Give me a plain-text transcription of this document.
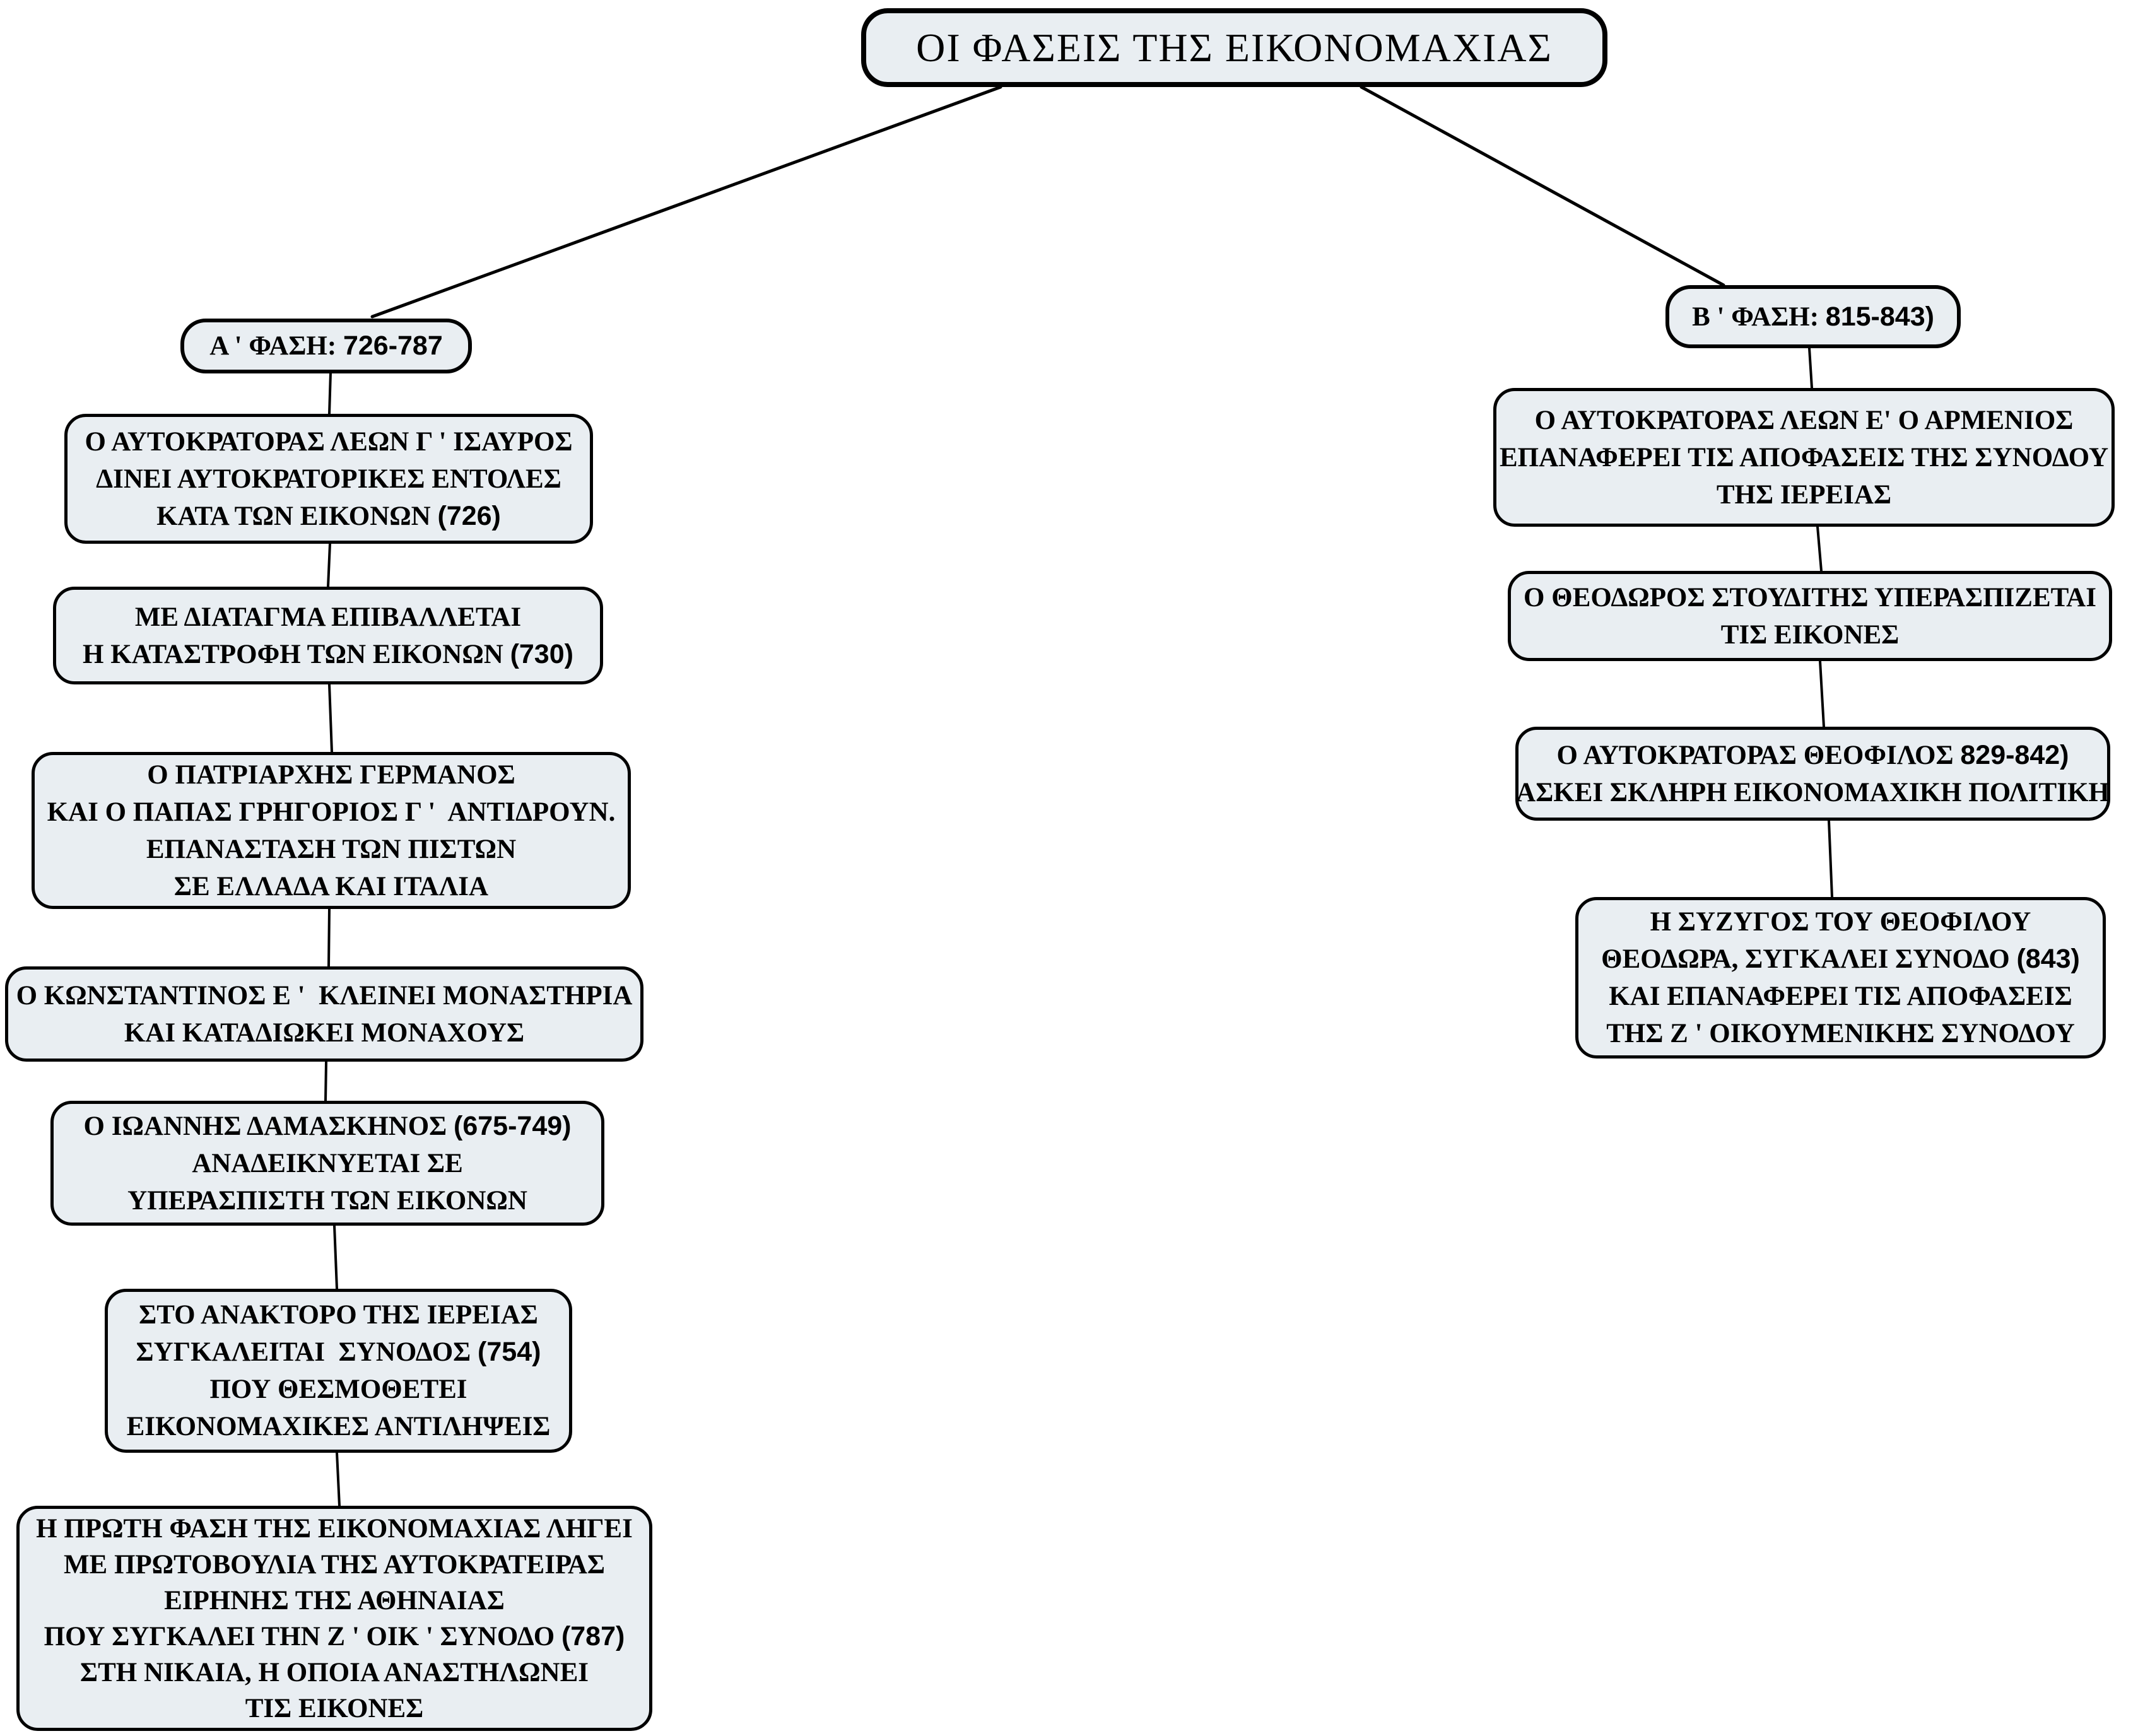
ΟΙ ΦΑΣΕΙΣ ΤΗΣ ΕΙΚΟΝΟΜΑΧΙΑΣ
Α ' ΦΑΣΗ: 726-787
Β ' ΦΑΣΗ: 815-843)
Ο ΑΥΤΟΚΡΑΤΟΡΑΣ ΛΕΩΝ Γ ' ΙΣΑΥΡΟΣ
ΔΙΝΕΙ ΑΥΤΟΚΡΑΤΟΡΙΚΕΣ ΕΝΤΟΛΕΣ
ΚΑΤΑ ΤΩΝ ΕΙΚΟΝΩΝ (726)
ΜΕ ΔΙΑΤΑΓΜΑ ΕΠΙΒΑΛΛΕΤΑΙ
Η ΚΑΤΑΣΤΡΟΦΗ ΤΩΝ ΕΙΚΟΝΩΝ (730)
Ο ΠΑΤΡΙΑΡΧΗΣ ΓΕΡΜΑΝΟΣ
ΚΑΙ Ο ΠΑΠΑΣ ΓΡΗΓΟΡΙΟΣ Γ '  ΑΝΤΙΔΡΟΥΝ.
ΕΠΑΝΑΣΤΑΣΗ ΤΩΝ ΠΙΣΤΩΝ
ΣΕ ΕΛΛΑΔΑ ΚΑΙ ΙΤΑΛΙΑ
Ο ΚΩΝΣΤΑΝΤΙΝΟΣ Ε '  ΚΛΕΙΝΕΙ ΜΟΝΑΣΤΗΡΙΑ
ΚΑΙ ΚΑΤΑΔΙΩΚΕΙ ΜΟΝΑΧΟΥΣ
Ο ΙΩΑΝΝΗΣ ΔΑΜΑΣΚΗΝΟΣ (675-749)
ΑΝΑΔΕΙΚΝΥΕΤΑΙ ΣΕ
ΥΠΕΡΑΣΠΙΣΤΗ ΤΩΝ ΕΙΚΟΝΩΝ
ΣΤΟ ΑΝΑΚΤΟΡΟ ΤΗΣ ΙΕΡΕΙΑΣ
ΣΥΓΚΑΛΕΙΤΑΙ  ΣΥΝΟΔΟΣ (754)
ΠΟΥ ΘΕΣΜΟΘΕΤΕΙ
ΕΙΚΟΝΟΜΑΧΙΚΕΣ ΑΝΤΙΛΗΨΕΙΣ
Η ΠΡΩΤΗ ΦΑΣΗ ΤΗΣ ΕΙΚΟΝΟΜΑΧΙΑΣ ΛΗΓΕΙ
ΜΕ ΠΡΩΤΟΒΟΥΛΙΑ ΤΗΣ ΑΥΤΟΚΡΑΤΕΙΡΑΣ
ΕΙΡΗΝΗΣ ΤΗΣ ΑΘΗΝΑΙΑΣ
ΠΟΥ ΣΥΓΚΑΛΕΙ ΤΗΝ Ζ ' ΟΙΚ ' ΣΥΝΟΔΟ (787)
ΣΤΗ ΝΙΚΑΙΑ, Η ΟΠΟΙΑ ΑΝΑΣΤΗΛΩΝΕΙ
ΤΙΣ ΕΙΚΟΝΕΣ
Ο ΑΥΤΟΚΡΑΤΟΡΑΣ ΛΕΩΝ Ε' Ο ΑΡΜΕΝΙΟΣ
ΕΠΑΝΑΦΕΡΕΙ ΤΙΣ ΑΠΟΦΑΣΕΙΣ ΤΗΣ ΣΥΝΟΔΟΥ
ΤΗΣ ΙΕΡΕΙΑΣ
Ο ΘΕΟΔΩΡΟΣ ΣΤΟΥΔΙΤΗΣ ΥΠΕΡΑΣΠΙΖΕΤΑΙ
ΤΙΣ ΕΙΚΟΝΕΣ
Ο ΑΥΤΟΚΡΑΤΟΡΑΣ ΘΕΟΦΙΛΟΣ 829-842)
ΑΣΚΕΙ ΣΚΛΗΡΗ ΕΙΚΟΝΟΜΑΧΙΚΗ ΠΟΛΙΤΙΚΗ
Η ΣΥΖΥΓΟΣ ΤΟΥ ΘΕΟΦΙΛΟΥ
ΘΕΟΔΩΡΑ, ΣΥΓΚΑΛΕΙ ΣΥΝΟΔΟ (843)
ΚΑΙ ΕΠΑΝΑΦΕΡΕΙ ΤΙΣ ΑΠΟΦΑΣΕΙΣ
ΤΗΣ Ζ ' ΟΙΚΟΥΜΕΝΙΚΗΣ ΣΥΝΟΔΟΥ
